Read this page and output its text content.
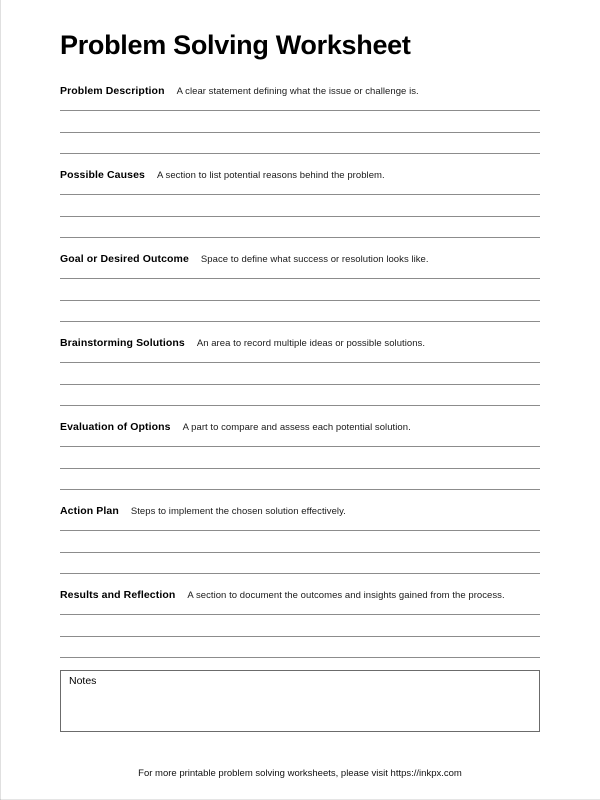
Problem Solving Worksheet
Problem Description A clear statement defining what the issue or challenge is.
Possible Causes A section to list potential reasons behind the problem.
Goal or Desired Outcome Space to define what success or resolution looks like.
Brainstorming Solutions An area to record multiple ideas or possible solutions.
Evaluation of Options A part to compare and assess each potential solution.
Action Plan Steps to implement the chosen solution effectively.
Results and Reflection A section to document the outcomes and insights gained from the process.
Notes
For more printable problem solving worksheets, please visit https://inkpx.com
